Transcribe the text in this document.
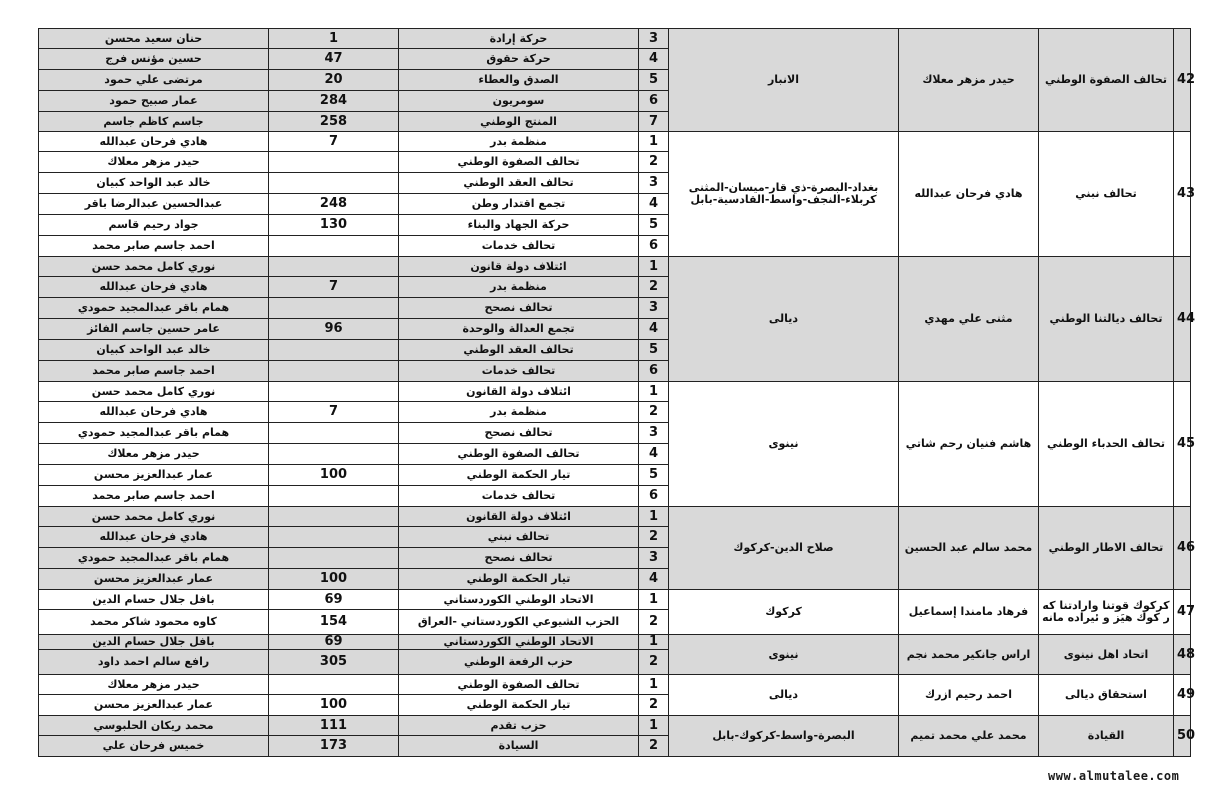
حنان سعيد محسن	1	حركة إرادة	3	الانبار	حيدر مزهر معلاك	تحالف الصفوة الوطني	42
حسين مؤنس فرج	47	حركة حقوق	4				
مرتضى علي حمود	20	الصدق والعطاء	5				
عمار صبيح حمود	284	سومريون	6				
جاسم كاظم جاسم	258	المنتج الوطني	7				
هادي فرحان عبدالله	7	منظمة بدر	1	بغداد-البصرة-ذي قار-ميسان-المثنى كربلاء-النجف-واسط-القادسية-بابل	هادي فرحان عبدالله	تحالف نبني	43
حيدر مزهر معلاك		تحالف الصفوة الوطني	2				
خالد عبد الواحد كبيان		تحالف العقد الوطني	3				
عبدالحسين عبدالرضا باقر	248	تجمع اقتدار وطن	4				
جواد رحيم قاسم	130	حركة الجهاد والبناء	5				
احمد جاسم صابر محمد		تحالف خدمات	6				
نوري كامل محمد حسن		ائتلاف دولة قانون	1	ديالى	مثنى علي مهدي	تحالف ديالتنا الوطني	44
هادي فرحان عبدالله	7	منظمة بدر	2				
همام باقر عبدالمجيد حمودي		تحالف نصحح	3				
عامر حسين جاسم الفائز	96	تجمع العدالة والوحدة	4				
خالد عبد الواحد كبيان		تحالف العقد الوطني	5				
احمد جاسم صابر محمد		تحالف خدمات	6				
نوري كامل محمد حسن		ائتلاف دولة القانون	1	نينوى	هاشم فنيان رحم شاتي	تحالف الحدباء الوطني	45
هادي فرحان عبدالله	7	منظمة بدر	2				
همام باقر عبدالمجيد حمودي		تحالف نصحح	3				
حيدر مزهر معلاك		تحالف الصفوة الوطني	4				
عمار عبدالعزيز محسن	100	تيار الحكمة الوطني	5				
احمد جاسم صابر محمد		تحالف خدمات	6				
نوري كامل محمد حسن		ائتلاف دولة القانون	1	صلاح الدين-كركوك	محمد سالم عبد الحسين	تحالف الاطار الوطني	46
هادي فرحان عبدالله		تحالف نبني	2				
همام باقر عبدالمجيد حمودي		تحالف نصحح	3				
عمار عبدالعزيز محسن	100	تيار الحكمة الوطني	4				
بافل جلال حسام الدين	69	الاتحاد الوطني الكوردستاني	1	كركوك	فرهاد مامندا إسماعيل	كركوك قوتنا وارادتنا كه ر كوك هيَز و ئيراده مانه	47
كاوه محمود شاكر محمد	154	الحزب الشيوعي الكوردستاني -العراق	2				
بافل جلال حسام الدين	69	الاتحاد الوطني الكوردستاني	1	نينوى	اراس جانكير محمد نجم	اتحاد اهل نينوى	48
رافع سالم احمد داود	305	حزب الرفعة الوطني	2				
حيدر مزهر معلاك		تحالف الصفوة الوطني	1	ديالى	احمد رحيم ازرك	استحقاق ديالى	49
عمار عبدالعزيز محسن	100	تيار الحكمة الوطني	2				
محمد ريكان الحلبوسي	111	حزب تقدم	1	البصرة-واسط-كركوك-بابل	محمد علي محمد تميم	القيادة	50
خميس فرحان علي	173	السيادة	2				
www.almutalee.com
